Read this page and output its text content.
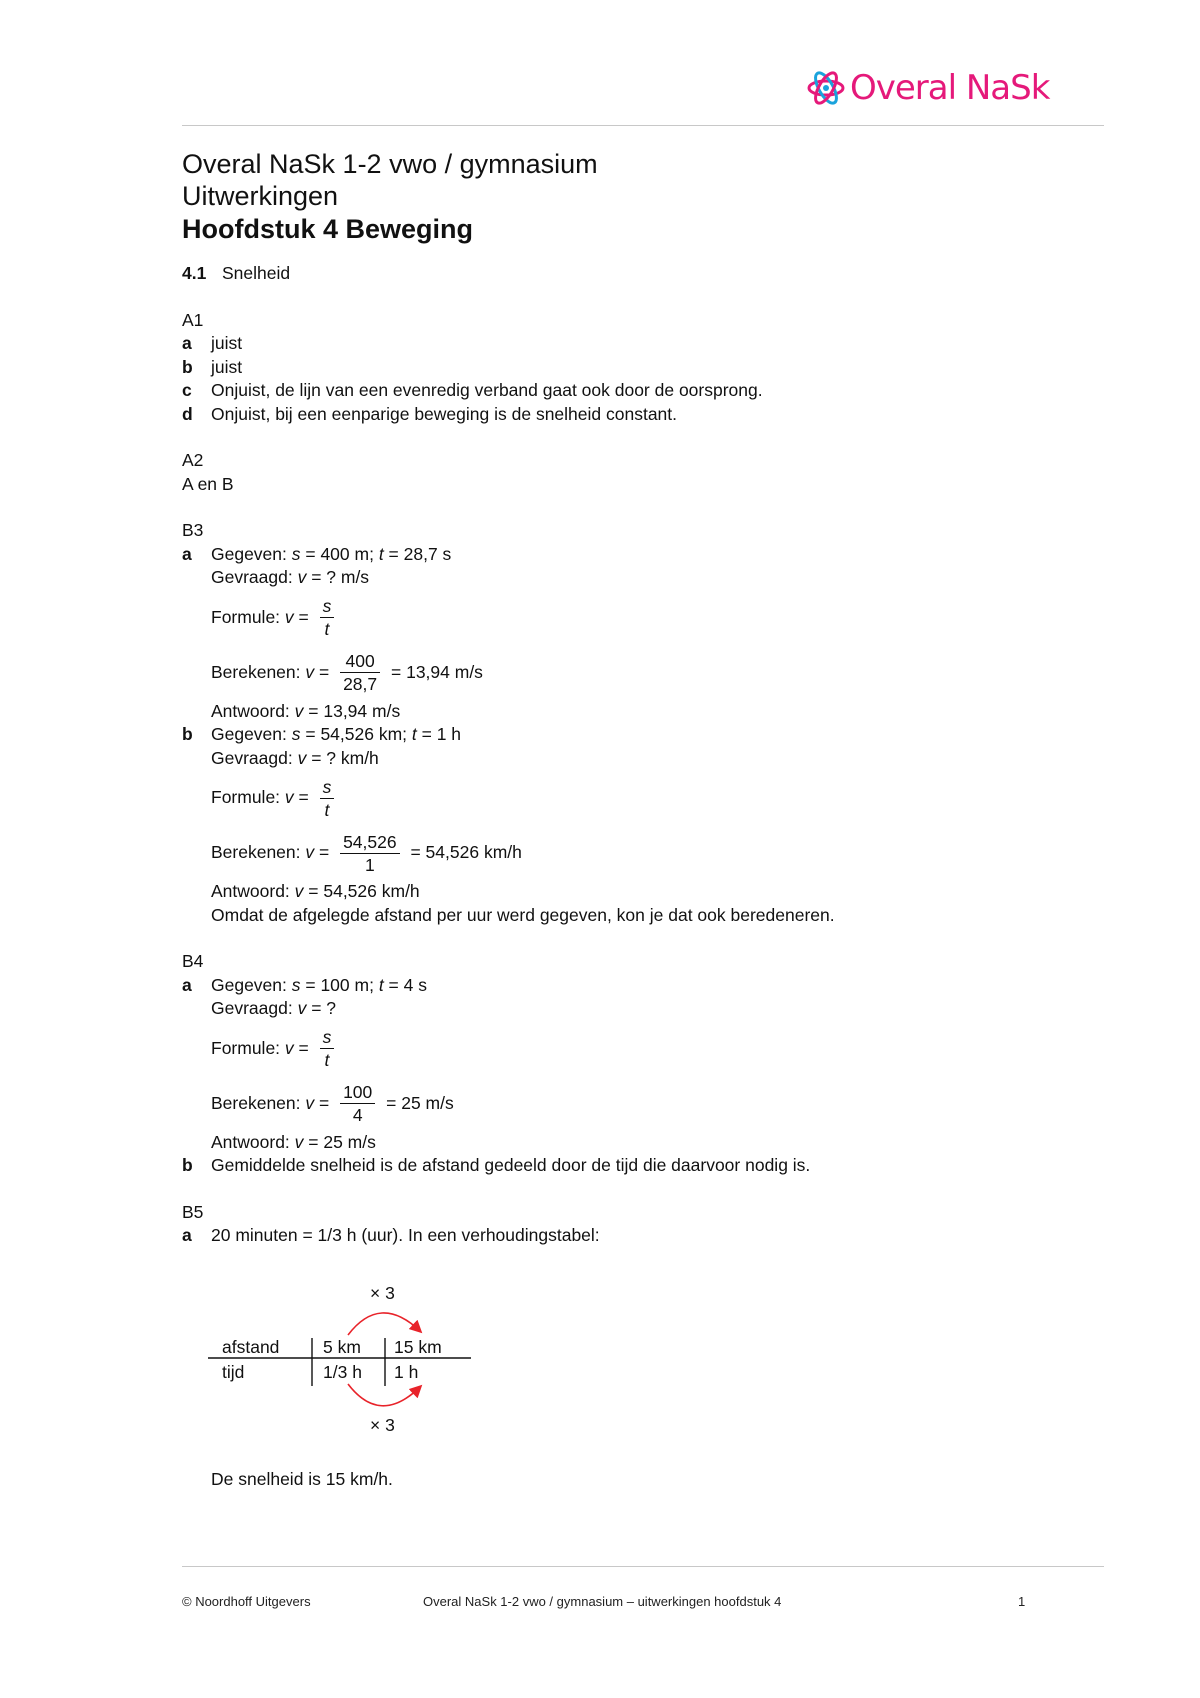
Overal NaSk
Overal NaSk 1-2 vwo / gymnasium
Uitwerkingen
Hoofdstuk 4 Beweging
4.1 Snelheid
A1
a juist
b juist
c Onjuist, de lijn van een evenredig verband gaat ook door de oorsprong.
d Onjuist, bij een eenparige beweging is de snelheid constant.
A2
A en B
B3
a Gegeven: s = 400 m; t = 28,7 s
Gevraagd: v = ? m/s
Formule: $v = \frac{s}{t}$
Berekenen: $v = \frac{400}{28,7} = 13,94$ m/s
Antwoord: v = 13,94 m/s
b Gegeven: s = 54,526 km; t = 1 h
Gevraagd: v = ? km/h
Formule: $v = \frac{s}{t}$
Berekenen: $v = \frac{54,526}{1} = 54,526$ km/h
Antwoord: v = 54,526 km/h
Omdat de afgelegde afstand per uur werd gegeven, kon je dat ook beredeneren.
B4
a Gegeven: s = 100 m; t = 4 s
Gevraagd: v = ?
Formule: $v = \frac{s}{t}$
Berekenen: $v = \frac{100}{4} = 25$ m/s
Antwoord: v = 25 m/s
b Gemiddelde snelheid is de afstand gedeeld door de tijd die daarvoor nodig is.
B5
a 20 minuten = 1/3 h (uur). In een verhoudingstabel:
× 3
afstand 5 km 15 km
tijd	1/3 h 1 h
× 3
De snelheid is 15 km/h.
© Noordhoff Uitgevers	Overal NaSk 1-2 vwo / gymnasium – uitwerkingen hoofdstuk 4	1
